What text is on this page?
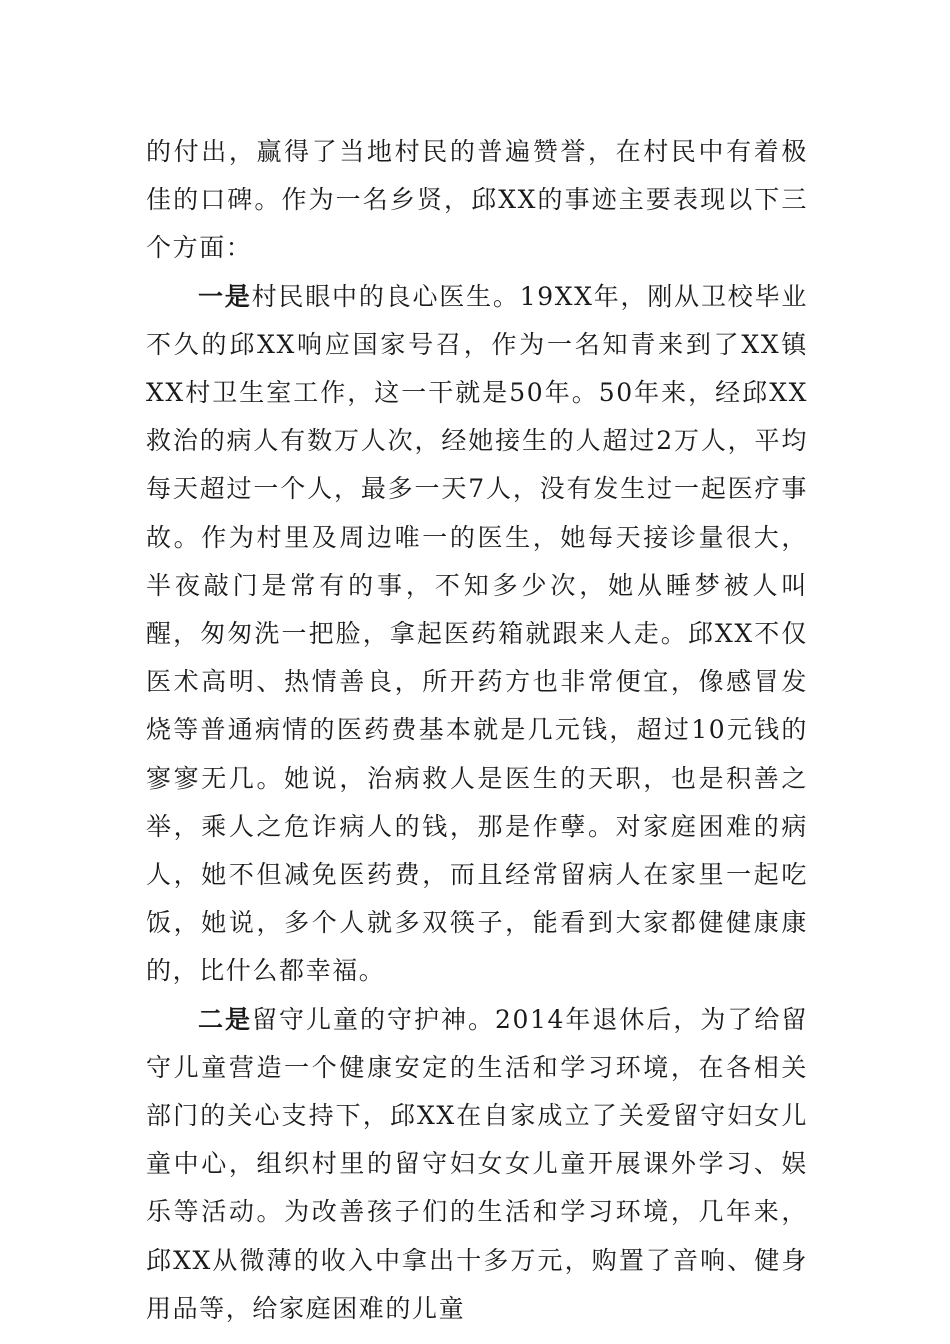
的付出，赢得了当地村民的普遍赞誉，在村民中有着极佳的口碑。作为一名乡贤，邱XX的事迹主要表现以下三个方面：

一是村民眼中的良心医生。19XX年，刚从卫校毕业不久的邱XX响应国家号召，作为一名知青来到了XX镇XX村卫生室工作，这一干就是50年。50年来，经邱XX救治的病人有数万人次，经她接生的人超过2万人，平均每天超过一个人，最多一天7人，没有发生过一起医疗事故。作为村里及周边唯一的医生，她每天接诊量很大，半夜敲门是常有的事，不知多少次，她从睡梦被人叫醒，匆匆洗一把脸，拿起医药箱就跟来人走。邱XX不仅医术高明、热情善良，所开药方也非常便宜，像感冒发烧等普通病情的医药费基本就是几元钱，超过10元钱的寥寥无几。她说，治病救人是医生的天职，也是积善之举，乘人之危诈病人的钱，那是作孽。对家庭困难的病人，她不但减免医药费，而且经常留病人在家里一起吃饭，她说，多个人就多双筷子，能看到大家都健健康康的，比什么都幸福。

二是留守儿童的守护神。2014年退休后，为了给留守儿童营造一个健康安定的生活和学习环境，在各相关部门的关心支持下，邱XX在自家成立了关爱留守妇女儿童中心，组织村里的留守妇女女儿童开展课外学习、娱乐等活动。为改善孩子们的生活和学习环境，几年来，邱XX从微薄的收入中拿出十多万元，购置了音响、健身用品等，给家庭困难的儿童
